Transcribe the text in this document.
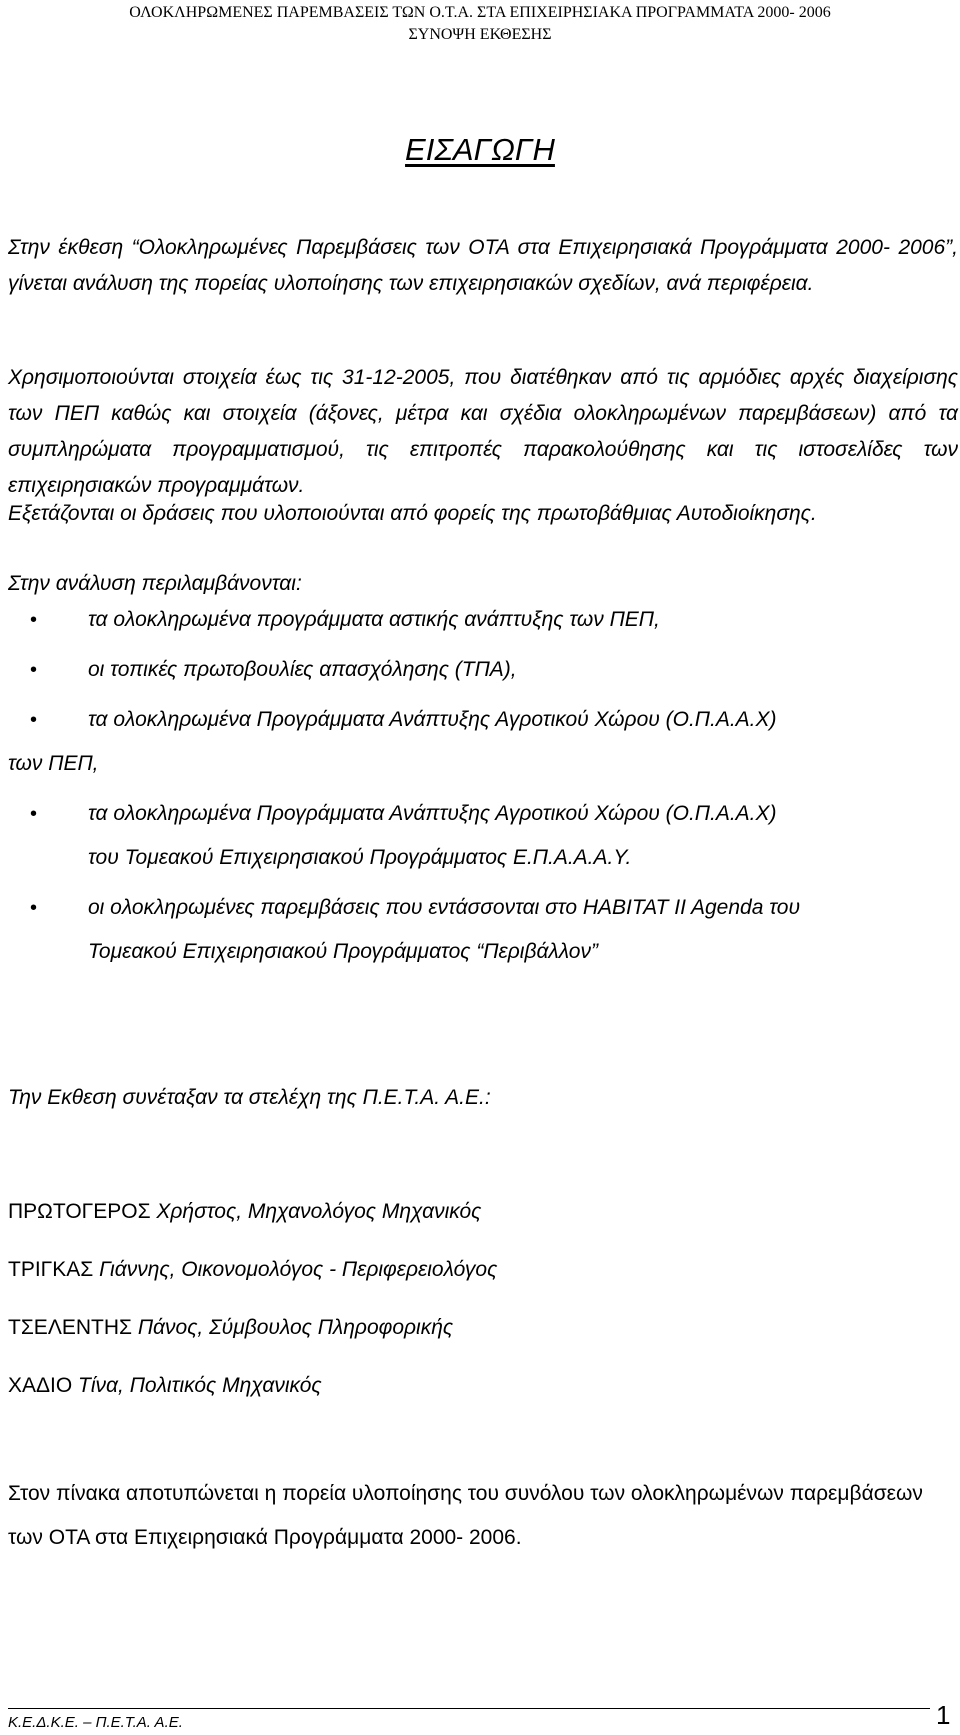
ΟΛΟΚΛΗΡΩΜΕΝΕΣ ΠΑΡΕΜΒΑΣΕΙΣ ΤΩΝ Ο.Τ.Α. ΣΤΑ ΕΠΙΧΕΙΡΗΣΙΑΚΑ ΠΡΟΓΡΑΜΜΑΤΑ 2000- 2006
ΣΥΝΟΨΗ ΕΚΘΕΣΗΣ
ΕΙΣΑΓΩΓΗ

Στην έκθεση “Ολοκληρωμένες Παρεμβάσεις των ΟΤΑ στα Επιχειρησιακά Προγράμματα 2000- 2006”, γίνεται ανάλυση της πορείας υλοποίησης των επιχειρησιακών σχεδίων, ανά περιφέρεια.

Χρησιμοποιούνται στοιχεία έως τις 31-12-2005, που διατέθηκαν από τις αρμόδιες αρχές διαχείρισης των ΠΕΠ καθώς και στοιχεία (άξονες, μέτρα και σχέδια ολοκληρωμένων παρεμβάσεων) από τα συμπληρώματα προγραμματισμού, τις επιτροπές παρακολούθησης και τις ιστοσελίδες των επιχειρησιακών προγραμμάτων.

Εξετάζονται οι δράσεις που υλοποιούνται από φορείς της πρωτοβάθμιας Αυτοδιοίκησης.

Στην ανάλυση περιλαμβάνονται:

• τα ολοκληρωμένα προγράμματα αστικής ανάπτυξης των ΠΕΠ,
• οι τοπικές πρωτοβουλίες απασχόλησης (ΤΠΑ),
• τα ολοκληρωμένα Προγράμματα Ανάπτυξης Αγροτικού Χώρου (Ο.Π.Α.Α.Χ)
των ΠΕΠ,
• τα ολοκληρωμένα Προγράμματα Ανάπτυξης Αγροτικού Χώρου (Ο.Π.Α.Α.Χ)
του Τομεακού Επιχειρησιακού Προγράμματος Ε.Π.Α.Α.Α.Υ.
• οι ολοκληρωμένες παρεμβάσεις που εντάσσονται στο HABITAT II Agenda του
Τομεακού Επιχειρησιακού Προγράμματος “Περιβάλλον”
Την Εκθεση συνέταξαν τα στελέχη της Π.Ε.Τ.Α. Α.Ε.:
ΠΡΩΤΟΓΕΡΟΣ Χρήστος, Μηχανολόγος Μηχανικός
ΤΡΙΓΚΑΣ Γιάννης, Οικονομολόγος - Περιφερειολόγος
ΤΣΕΛΕΝΤΗΣ Πάνος, Σύμβουλος Πληροφορικής
ΧΑΔΙΟ Τίνα, Πολιτικός Μηχανικός

Στον πίνακα αποτυπώνεται η πορεία υλοποίησης του συνόλου των ολοκληρωμένων παρεμβάσεων των ΟΤΑ στα Επιχειρησιακά Προγράμματα 2000- 2006.

Κ.Ε.Δ.Κ.Ε. – Π.Ε.Τ.Α. Α.Ε.	1
